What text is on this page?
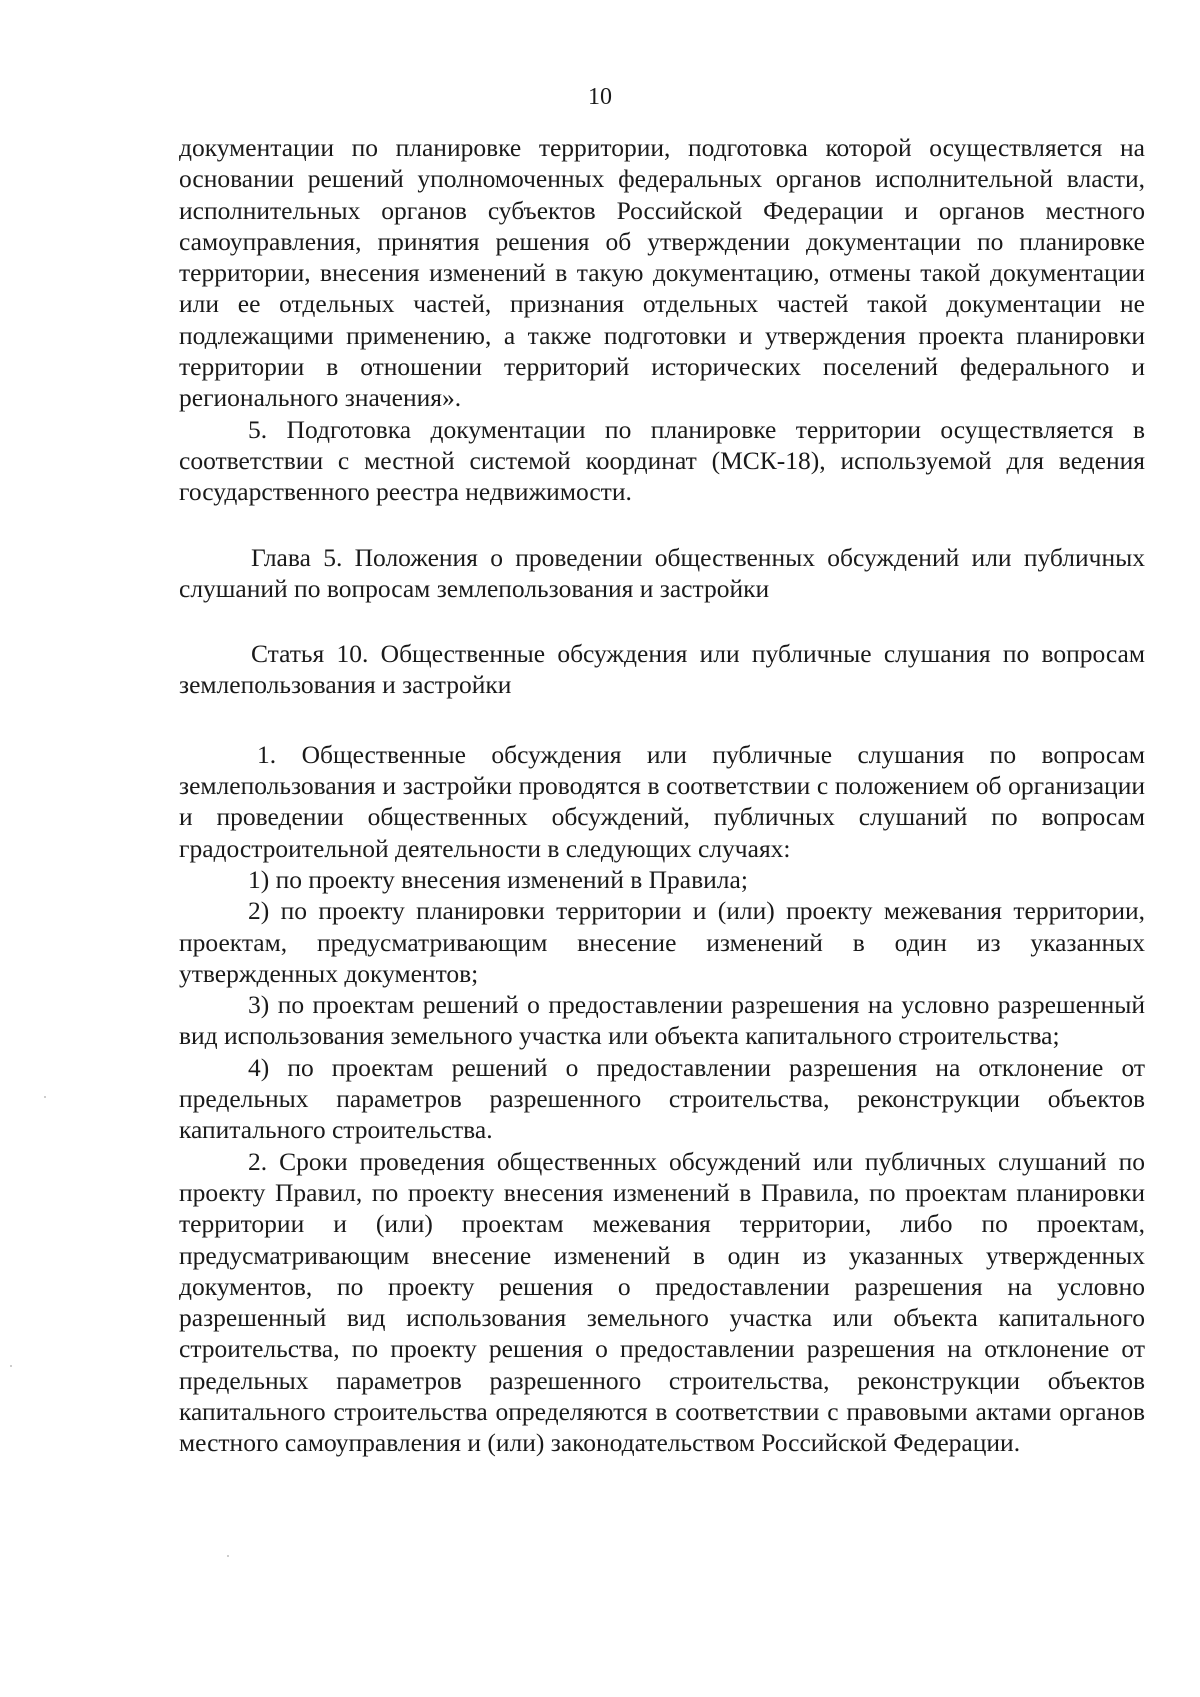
10

документации по планировке территории, подготовка которой осуществляется на основании решений уполномоченных федеральных органов исполнительной власти, исполнительных органов субъектов Российской Федерации и органов местного самоуправления, принятия решения об утверждении документации по планировке территории, внесения изменений в такую документацию, отмены такой документации или ее отдельных частей, признания отдельных частей такой документации не подлежащими применению, а также подготовки и утверждения проекта планировки территории в отношении территорий исторических поселений федерального и регионального значения».

5. Подготовка документации по планировке территории осуществляется в соответствии с местной системой координат (МСК-18), используемой для ведения государственного реестра недвижимости.

Глава 5. Положения о проведении общественных обсуждений или публичных слушаний по вопросам землепользования и застройки

Статья 10. Общественные обсуждения или публичные слушания по вопросам землепользования и застройки

1. Общественные обсуждения или публичные слушания по вопросам землепользования и застройки проводятся в соответствии с положением об организации и проведении общественных обсуждений, публичных слушаний по вопросам градостроительной деятельности в следующих случаях:

1) по проекту внесения изменений в Правила;

2) по проекту планировки территории и (или) проекту межевания территории, проектам, предусматривающим внесение изменений в один из указанных утвержденных документов;

3) по проектам решений о предоставлении разрешения на условно разрешенный вид использования земельного участка или объекта капитального строительства;

4) по проектам решений о предоставлении разрешения на отклонение от предельных параметров разрешенного строительства, реконструкции объектов капитального строительства.

2. Сроки проведения общественных обсуждений или публичных слушаний по проекту Правил, по проекту внесения изменений в Правила, по проектам планировки территории и (или) проектам межевания территории, либо по проектам, предусматривающим внесение изменений в один из указанных утвержденных документов, по проекту решения о предоставлении разрешения на условно разрешенный вид использования земельного участка или объекта капитального строительства, по проекту решения о предоставлении разрешения на отклонение от предельных параметров разрешенного строительства, реконструкции объектов капитального строительства определяются в соответствии с правовыми актами органов местного самоуправления и (или) законодательством Российской Федерации.
